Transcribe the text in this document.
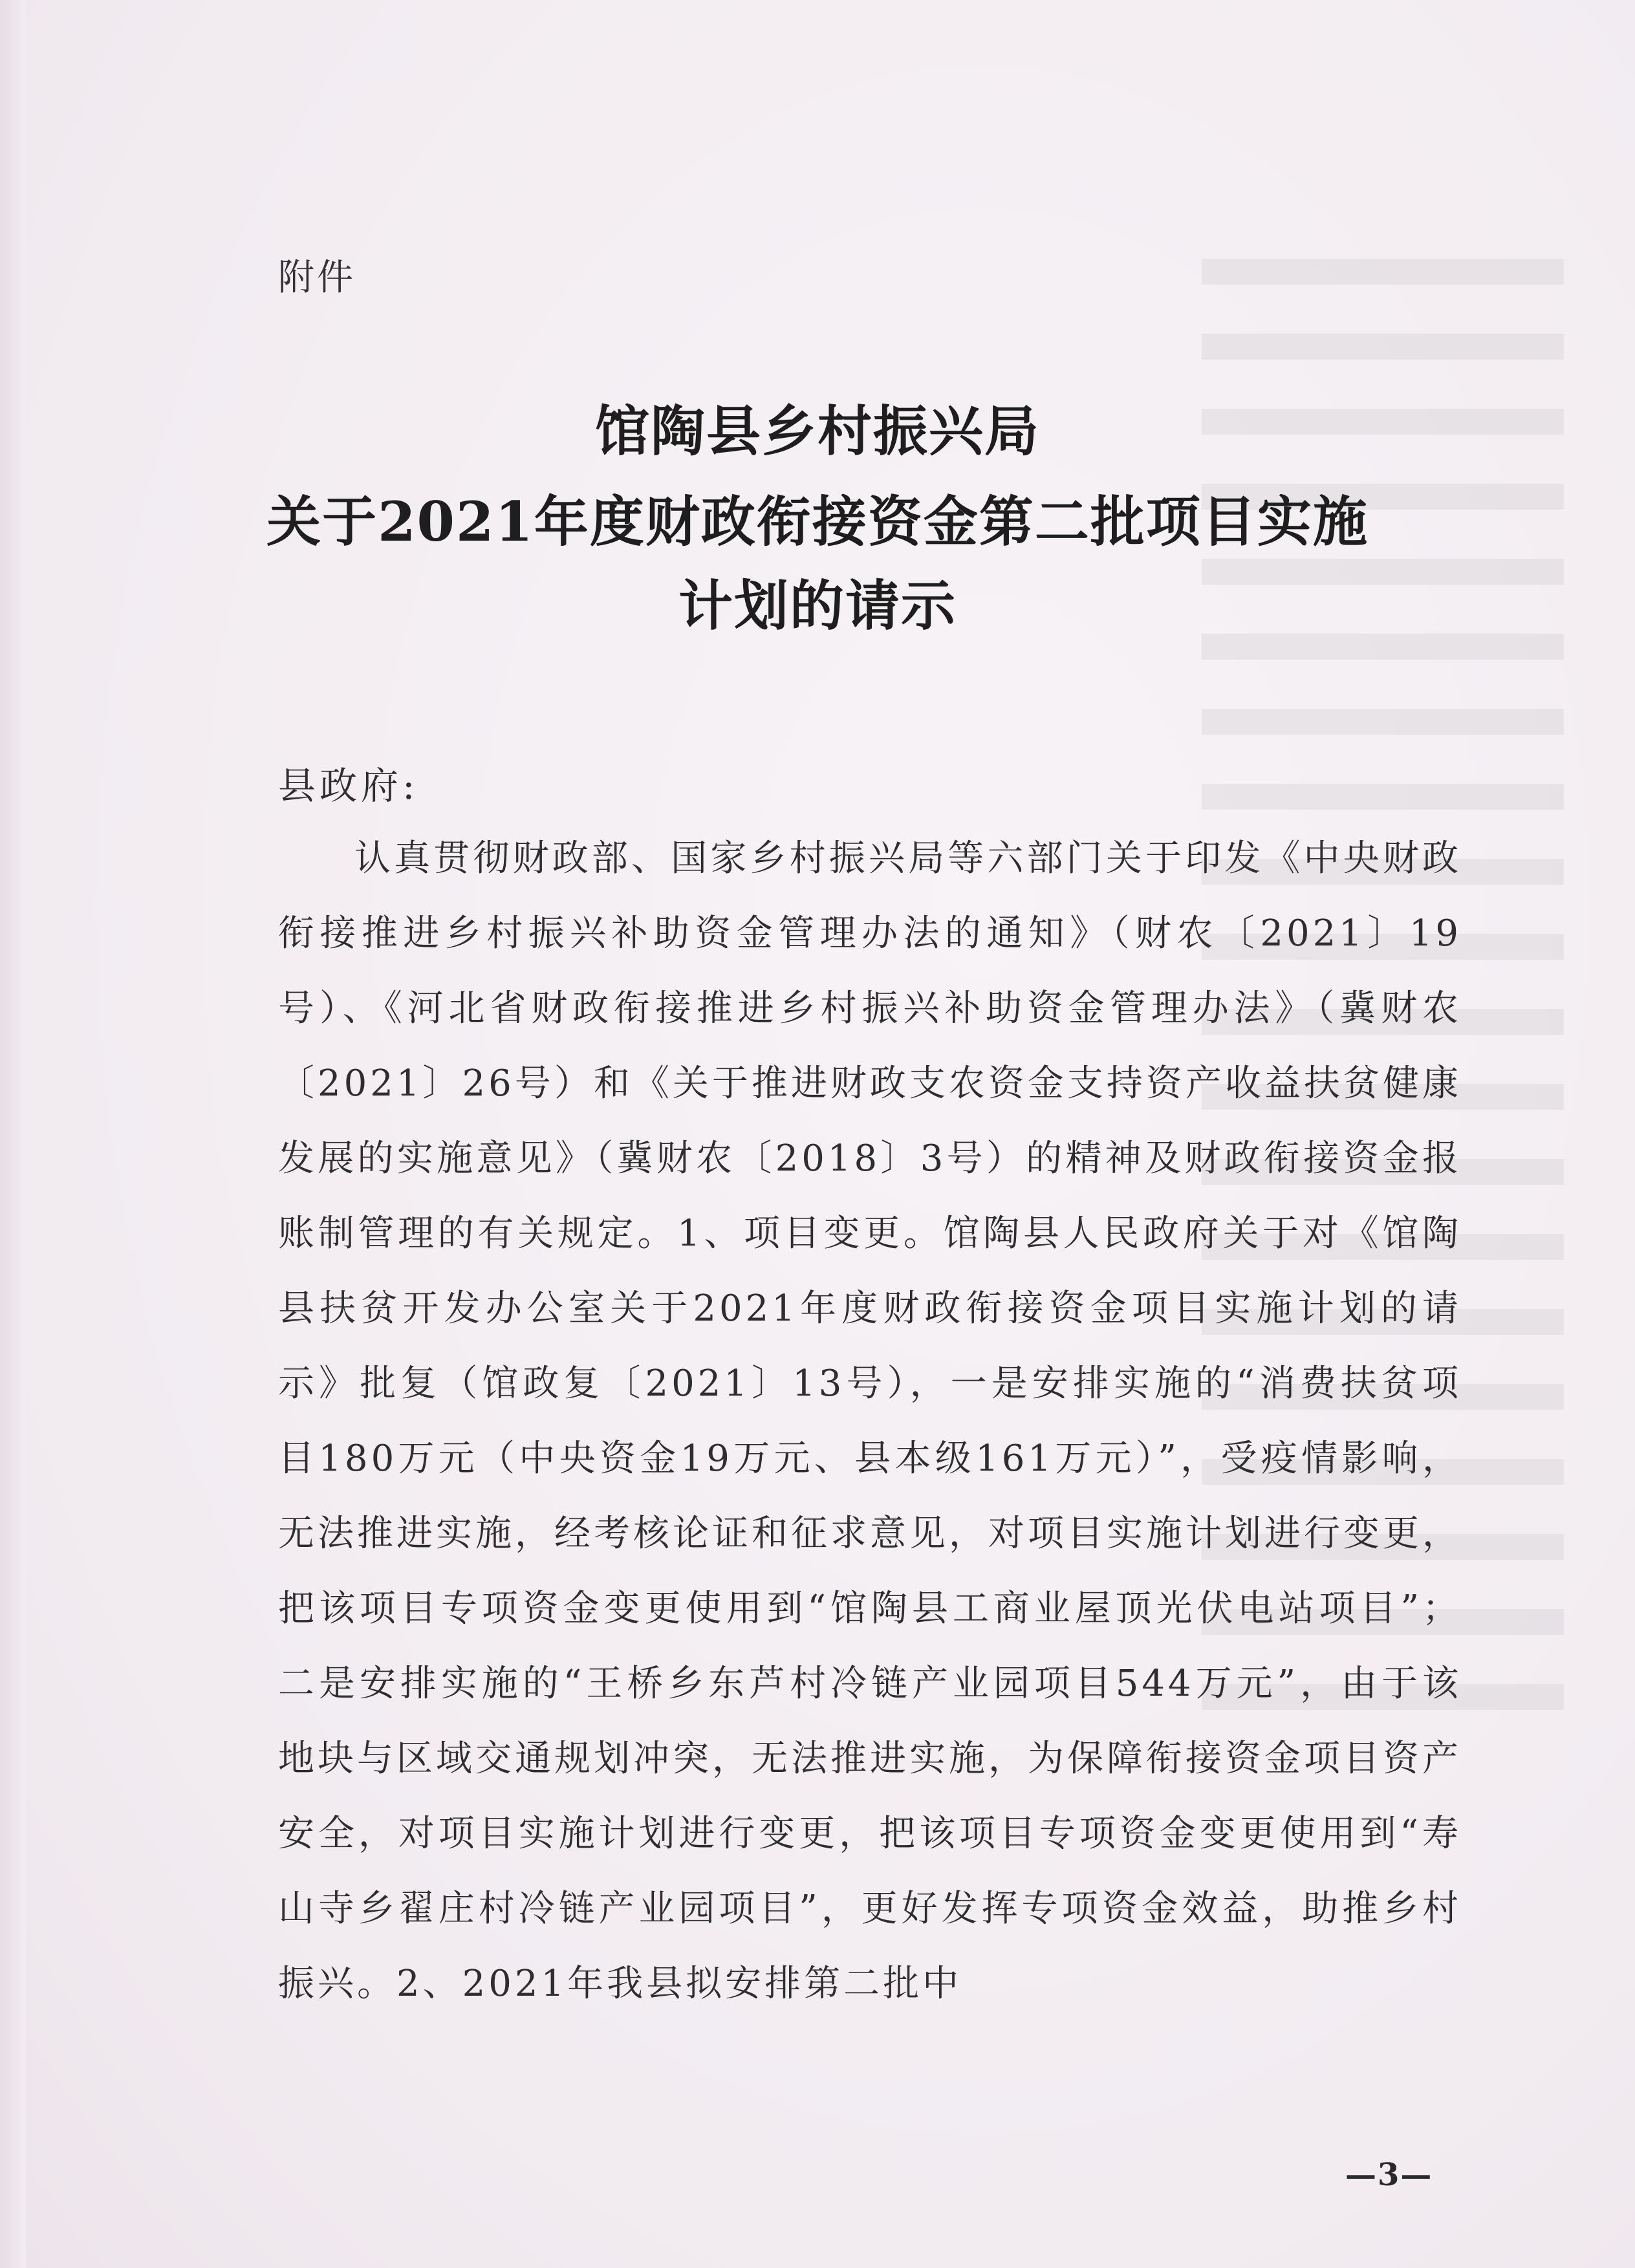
附件
馆陶县乡村振兴局
关于2021年度财政衔接资金第二批项目实施
计划的请示
县政府:

认真贯彻财政部、国家乡村振兴局等六部门关于印发《中央财政衔接推进乡村振兴补助资金管理办法的通知》（财农〔2021〕19号）、《河北省财政衔接推进乡村振兴补助资金管理办法》（冀财农〔2021〕26号）和《关于推进财政支农资金支持资产收益扶贫健康发展的实施意见》（冀财农〔2018〕3号）的精神及财政衔接资金报账制管理的有关规定。1、项目变更。馆陶县人民政府关于对《馆陶县扶贫开发办公室关于2021年度财政衔接资金项目实施计划的请示》批复（馆政复〔2021〕13号），一是安排实施的“消费扶贫项目180万元（中央资金19万元、县本级161万元）”，受疫情影响，无法推进实施，经考核论证和征求意见，对项目实施计划进行变更，把该项目专项资金变更使用到“馆陶县工商业屋顶光伏电站项目”；二是安排实施的“王桥乡东芦村冷链产业园项目544万元”，由于该地块与区域交通规划冲突，无法推进实施，为保障衔接资金项目资产安全，对项目实施计划进行变更，把该项目专项资金变更使用到“寿山寺乡翟庄村冷链产业园项目”，更好发挥专项资金效益，助推乡村振兴。2、2021年我县拟安排第二批中

—3—
